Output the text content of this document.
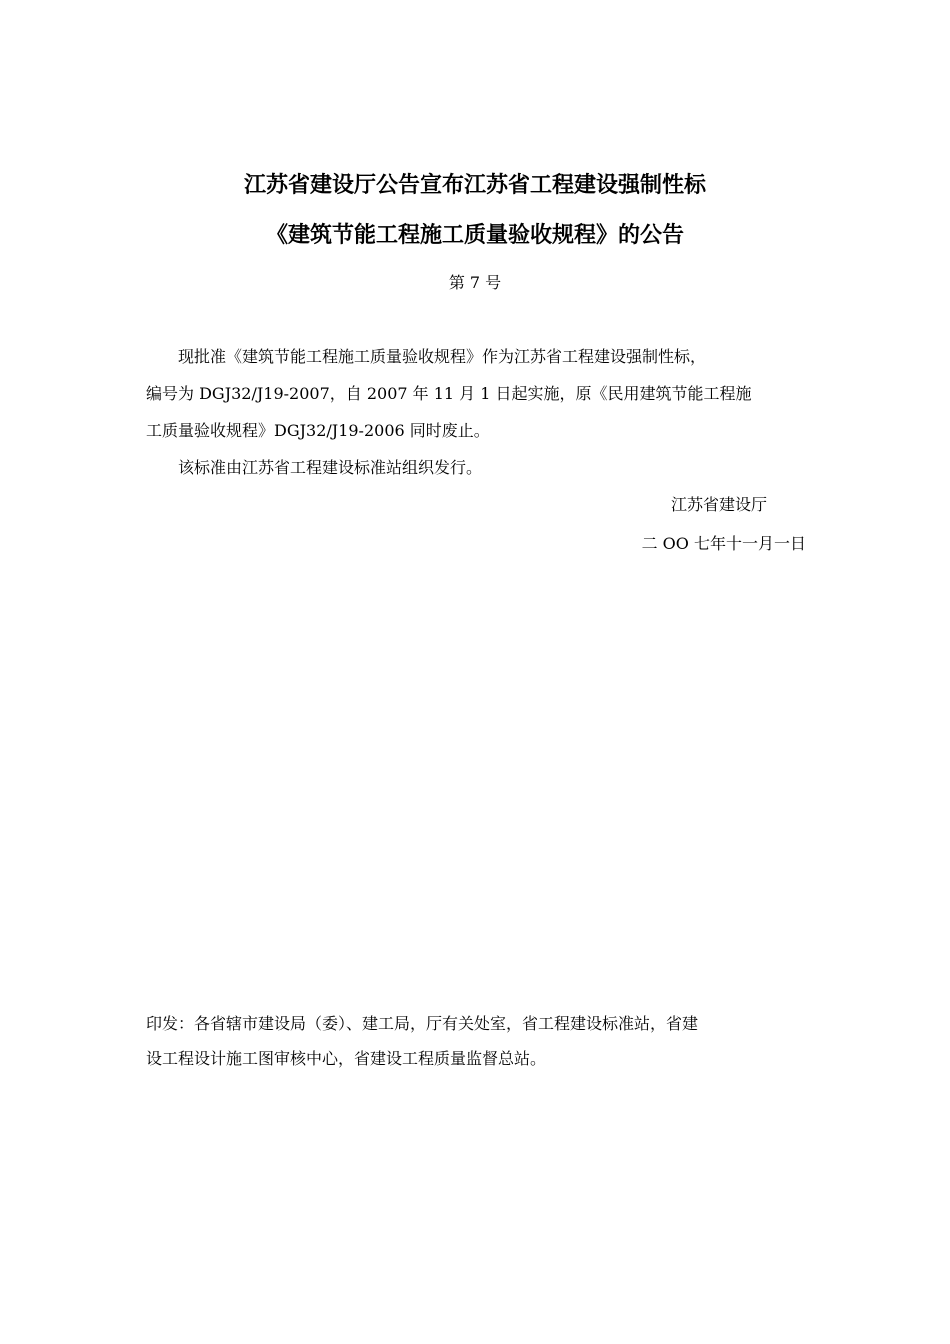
江苏省建设厅公告宣布江苏省工程建设强制性标
《建筑节能工程施工质量验收规程》的公告
第 7 号
现批准《建筑节能工程施工质量验收规程》作为江苏省工程建设强制性标，
编号为 DGJ32/J19-2007，自 2007 年 11 月 1 日起实施，原《民用建筑节能工程施
工质量验收规程》DGJ32/J19-2006 同时废止。
该标准由江苏省工程建设标准站组织发行。
江苏省建设厅
二 OO 七年十一月一日
印发：各省辖市建设局（委）、建工局，厅有关处室，省工程建设标准站，省建
设工程设计施工图审核中心，省建设工程质量监督总站。
